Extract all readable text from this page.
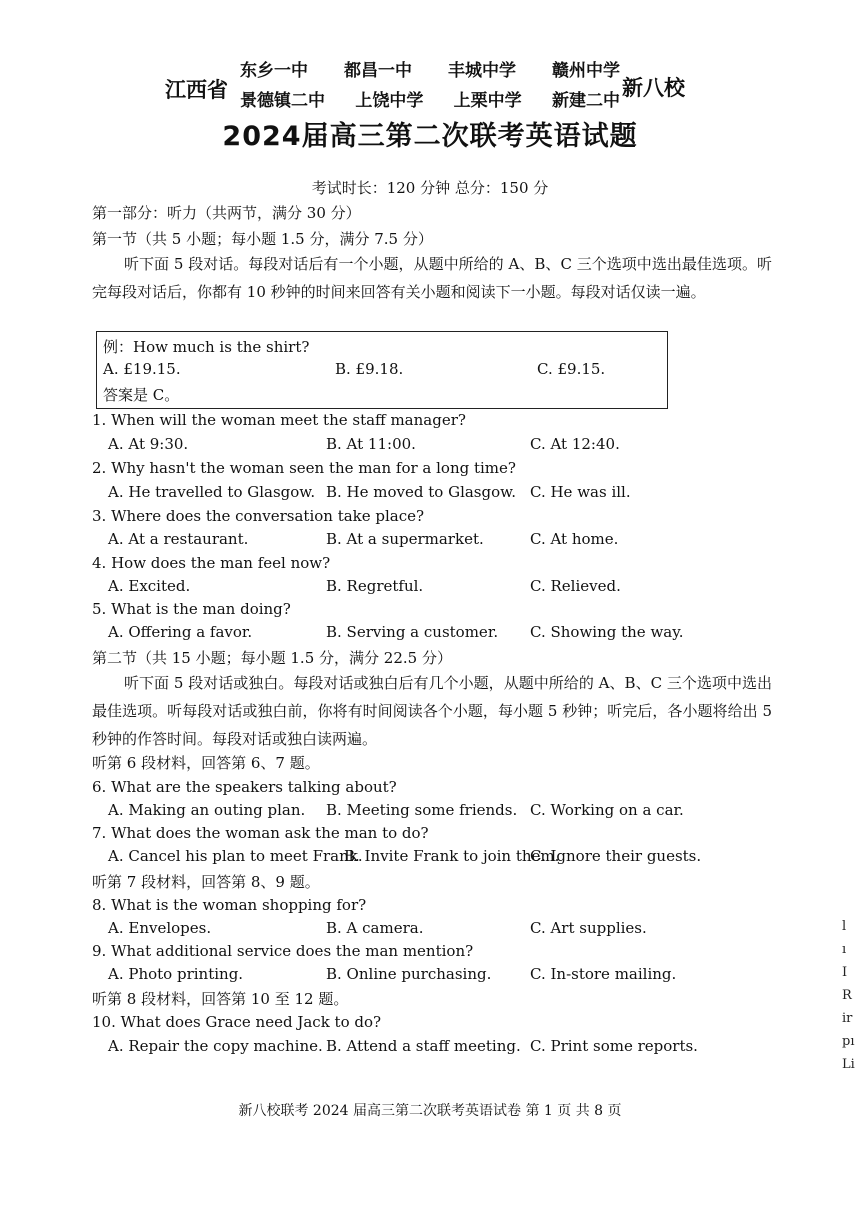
江西省
东乡一中 都昌一中 丰城中学 赣州中学
景德镇二中 上饶中学 上栗中学 新建二中
新八校
2024届高三第二次联考英语试题
考试时长：120 分钟 总分：150 分
第一部分：听力（共两节，满分 30 分）
第一节（共 5 小题；每小题 1.5 分，满分 7.5 分）
听下面 5 段对话。每段对话后有一个小题，从题中所给的 A、B、C 三个选项中选出最佳选项。听完每段对话后，你都有 10 秒钟的时间来回答有关小题和阅读下一小题。每段对话仅读一遍。
例：How much is the shirt?
A. £19.15.	B. £9.18.	C. £9.15.
答案是 C。
1. When will the woman meet the staff manager?
A. At 9:30.	B. At 11:00.	C. At 12:40.
2. Why hasn't the woman seen the man for a long time?
A. He travelled to Glasgow. B. He moved to Glasgow. C. He was ill.
3. Where does the conversation take place?
A. At a restaurant.	B. At a supermarket.	C. At home.
4. How does the man feel now?
A. Excited.	B. Regretful.	C. Relieved.
5. What is the man doing?
A. Offering a favor.	B. Serving a customer. C. Showing the way.
第二节（共 15 小题；每小题 1.5 分，满分 22.5 分）
听下面 5 段对话或独白。每段对话或独白后有几个小题，从题中所给的 A、B、C 三个选项中选出最佳选项。听每段对话或独白前，你将有时间阅读各个小题，每小题 5 秒钟；听完后，各小题将给出 5 秒钟的作答时间。每段对话或独白读两遍。
听第 6 段材料，回答第 6、7 题。
6. What are the speakers talking about?
A. Making an outing plan. B. Meeting some friends. C. Working on a car.
7. What does the woman ask the man to do?
A. Cancel his plan to meet Frank.
B. Invite Frank to join them.
C. Ignore their guests.
听第 7 段材料，回答第 8、9 题。
8. What is the woman shopping for?
A. Envelopes.	B. A camera.	C. Art supplies.
9. What additional service does the man mention?
A. Photo printing.	B. Online purchasing.	C. In-store mailing.
听第 8 段材料，回答第 10 至 12 题。
10. What does Grace need Jack to do?
A. Repair the copy machine. B. Attend a staff meeting. C. Print some reports.
l
ı
I
R
ir
pı
Li
新八校联考 2024 届高三第二次联考英语试卷 第 1 页 共 8 页
